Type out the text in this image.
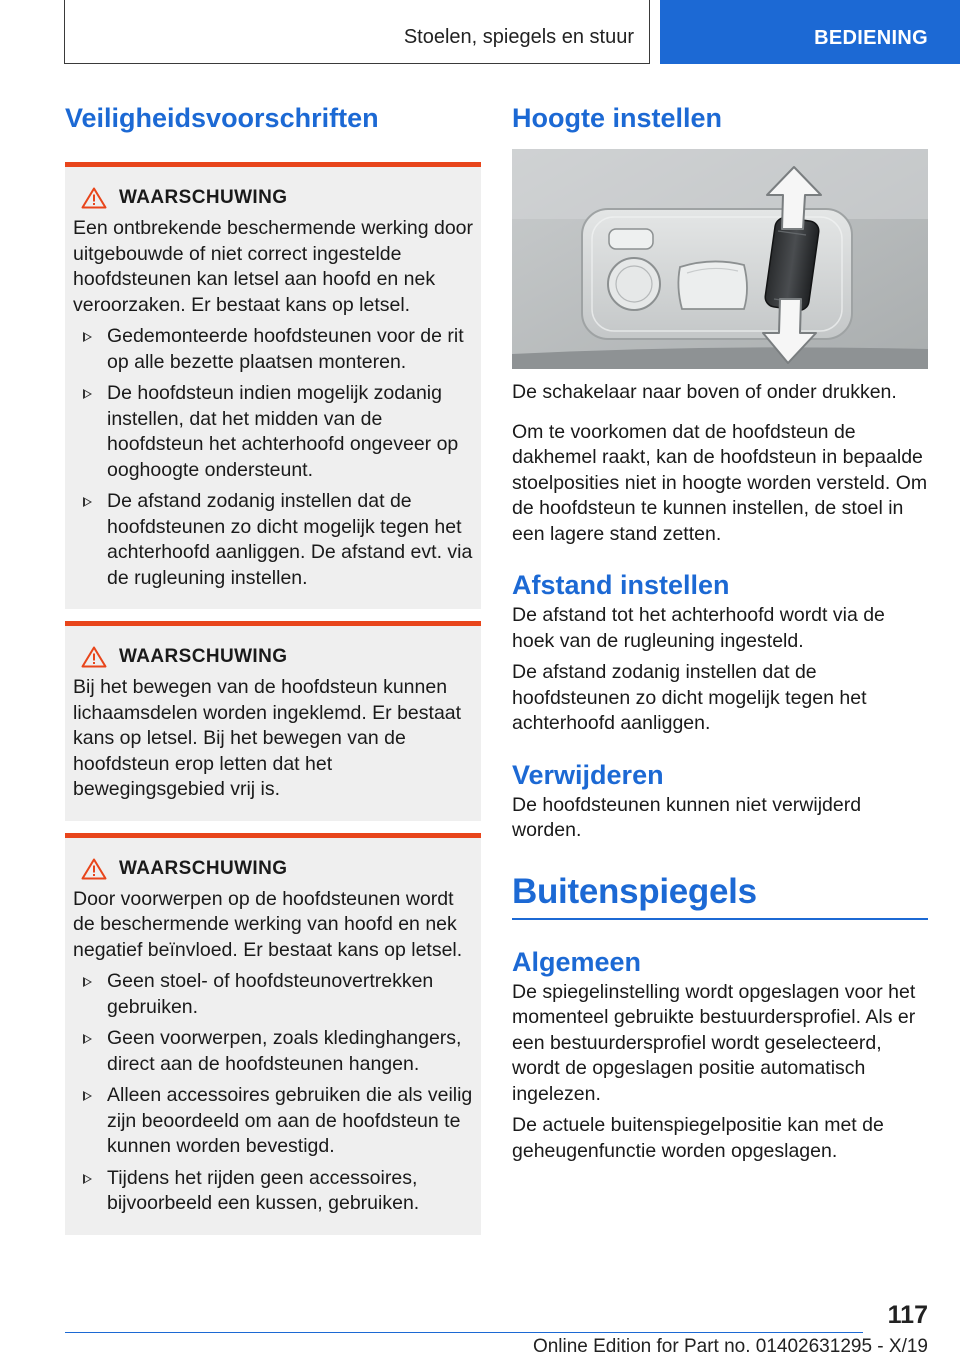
Stoelen, spiegels en stuur	BEDIENING
Veiligheidsvoorschriften
WAARSCHUWING

Een ontbrekende beschermende werking door uitgebouwde of niet correct ingestelde hoofdsteunen kan letsel aan hoofd en nek veroorzaken. Er bestaat kans op letsel.

Gedemonteerde hoofdsteunen voor de rit op alle bezette plaatsen monteren.
De hoofdsteun indien mogelijk zodanig instellen, dat het midden van de hoofdsteun het achterhoofd ongeveer op ooghoogte ondersteunt.
De afstand zodanig instellen dat de hoofdsteunen zo dicht mogelijk tegen het achterhoofd aanliggen. De afstand evt. via de rugleuning instellen.
WAARSCHUWING

Bij het bewegen van de hoofdsteun kunnen lichaamsdelen worden ingeklemd. Er bestaat kans op letsel. Bij het bewegen van de hoofdsteun erop letten dat het bewegingsgebied vrij is.

WAARSCHUWING

Door voorwerpen op de hoofdsteunen wordt de beschermende werking van hoofd en nek negatief beïnvloed. Er bestaat kans op letsel.

Geen stoel- of hoofdsteunovertrekken gebruiken.
Geen voorwerpen, zoals kledinghangers, direct aan de hoofdsteunen hangen.
Alleen accessoires gebruiken die als veilig zijn beoordeeld om aan de hoofdsteun te kunnen worden bevestigd.
Tijdens het rijden geen accessoires, bijvoorbeeld een kussen, gebruiken.
Hoogte instellen

De schakelaar naar boven of onder drukken.

Om te voorkomen dat de hoofdsteun de dakhemel raakt, kan de hoofdsteun in bepaalde stoelposities niet in hoogte worden versteld. Om de hoofdsteun te kunnen instellen, de stoel in een lagere stand zetten.

Afstand instellen

De afstand tot het achterhoofd wordt via de hoek van de rugleuning ingesteld.

De afstand zodanig instellen dat de hoofdsteunen zo dicht mogelijk tegen het achterhoofd aanliggen.

Verwijderen

De hoofdsteunen kunnen niet verwijderd worden.

Buitenspiegels
Algemeen

De spiegelinstelling wordt opgeslagen voor het momenteel gebruikte bestuurdersprofiel. Als er een bestuurdersprofiel wordt geselecteerd, wordt de opgeslagen positie automatisch ingelezen.

De actuele buitenspiegelpositie kan met de geheugenfunctie worden opgeslagen.

117
Online Edition for Part no. 01402631295 - X/19
